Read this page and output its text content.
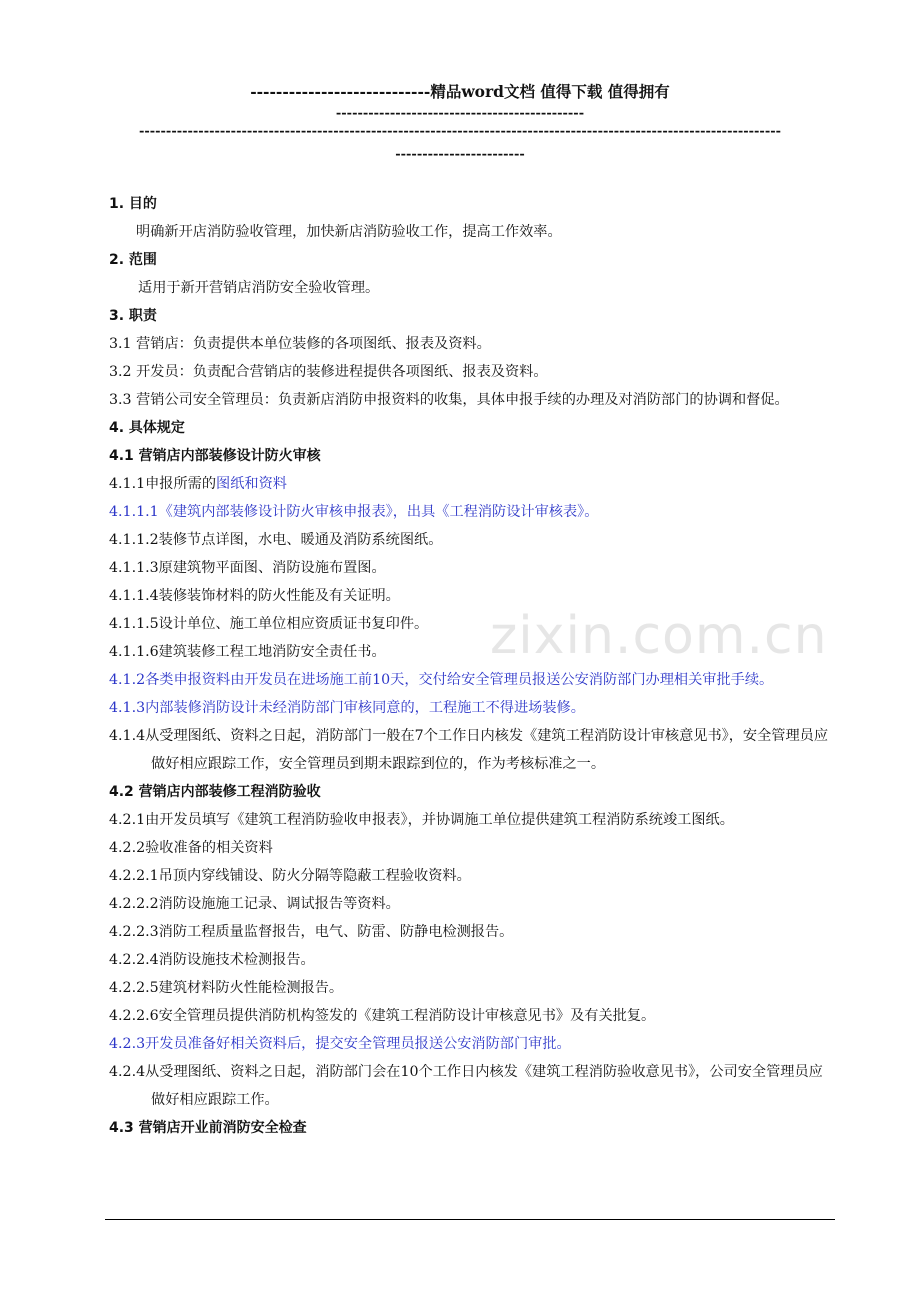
----------------------------精品word文档 值得下载 值得拥有
----------------------------------------------
-----------------------------------------------------------------------------------------------------------------------
------------------------
zixin.com.cn
1. 目的
明确新开店消防验收管理，加快新店消防验收工作，提高工作效率。
2. 范围
适用于新开营销店消防安全验收管理。
3. 职责
3.1 营销店：负责提供本单位装修的各项图纸、报表及资料。
3.2 开发员：负责配合营销店的装修进程提供各项图纸、报表及资料。
3.3 营销公司安全管理员：负责新店消防申报资料的收集，具体申报手续的办理及对消防部门的协调和督促。
4. 具体规定
4.1 营销店内部装修设计防火审核
4.1.1申报所需的图纸和资料
4.1.1.1《建筑内部装修设计防火审核申报表》，出具《工程消防设计审核表》。
4.1.1.2装修节点详图，水电、暖通及消防系统图纸。
4.1.1.3原建筑物平面图、消防设施布置图。
4.1.1.4装修装饰材料的防火性能及有关证明。
4.1.1.5设计单位、施工单位相应资质证书复印件。
4.1.1.6建筑装修工程工地消防安全责任书。
4.1.2各类申报资料由开发员在进场施工前10天，交付给安全管理员报送公安消防部门办理相关审批手续。
4.1.3内部装修消防设计未经消防部门审核同意的，工程施工不得进场装修。
4.1.4从受理图纸、资料之日起，消防部门一般在7个工作日内核发《建筑工程消防设计审核意见书》，安全管理员应做好相应跟踪工作，安全管理员到期未跟踪到位的，作为考核标准之一。
4.2 营销店内部装修工程消防验收
4.2.1由开发员填写《建筑工程消防验收申报表》，并协调施工单位提供建筑工程消防系统竣工图纸。
4.2.2验收准备的相关资料
4.2.2.1吊顶内穿线铺设、防火分隔等隐蔽工程验收资料。
4.2.2.2消防设施施工记录、调试报告等资料。
4.2.2.3消防工程质量监督报告，电气、防雷、防静电检测报告。
4.2.2.4消防设施技术检测报告。
4.2.2.5建筑材料防火性能检测报告。
4.2.2.6安全管理员提供消防机构签发的《建筑工程消防设计审核意见书》及有关批复。
4.2.3开发员准备好相关资料后，提交安全管理员报送公安消防部门审批。
4.2.4从受理图纸、资料之日起，消防部门会在10个工作日内核发《建筑工程消防验收意见书》，公司安全管理员应做好相应跟踪工作。
4.3 营销店开业前消防安全检查
